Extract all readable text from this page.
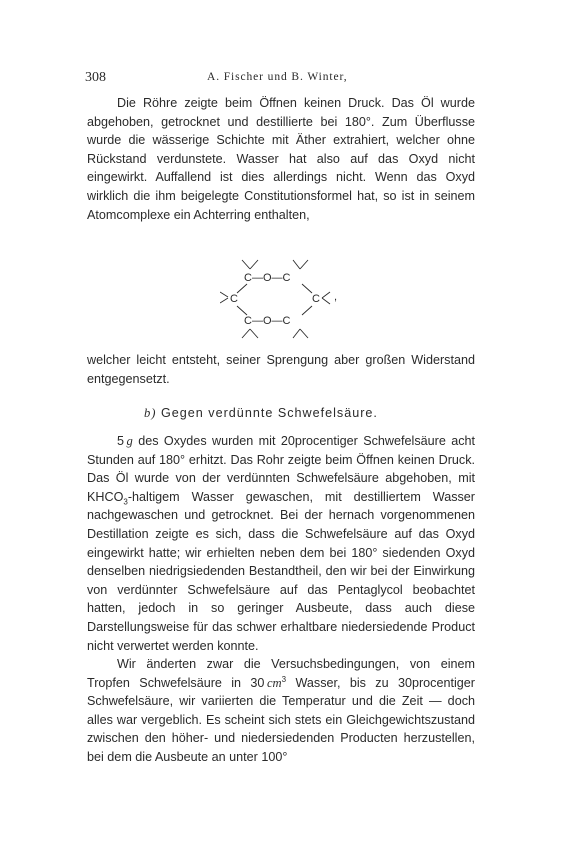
308	A. Fischer und B. Winter,

Die Röhre zeigte beim Öffnen keinen Druck. Das Öl wurde abgehoben, getrocknet und destillierte bei 180°. Zum Überflusse wurde die wässerige Schichte mit Äther extrahiert, welcher ohne Rückstand verdunstete. Wasser hat also auf das Oxyd nicht eingewirkt. Auffallend ist dies allerdings nicht. Wenn das Oxyd wirklich die ihm beigelegte Constitutionsformel hat, so ist in seinem Atomcomplexe ein Achterring enthalten,

C—O—C
C	C ,
C—O—C

welcher leicht entsteht, seiner Sprengung aber großen Widerstand entgegensetzt.

b) Gegen verdünnte Schwefelsäure.

5  g des Oxydes wurden mit 20procentiger Schwefelsäure acht Stunden auf 180° erhitzt. Das Rohr zeigte beim Öffnen keinen Druck. Das Öl wurde von der verdünnten Schwefelsäure abgehoben, mit $KHCO_3$-haltigem Wasser gewaschen, mit destilliertem Wasser nachgewaschen und getrocknet. Bei der hernach vorgenommenen Destillation zeigte es sich, dass die Schwefelsäure auf das Oxyd eingewirkt hatte; wir erhielten neben dem bei 180° siedenden Oxyd denselben niedrigsiedenden Bestandtheil, den wir bei der Einwirkung von verdünnter Schwefelsäure auf das Pentaglycol beobachtet hatten, jedoch in so geringer Ausbeute, dass auch diese Darstellungsweise für das schwer erhaltbare niedersiedende Product nicht verwertet werden konnte.

Wir änderten zwar die Versuchsbedingungen, von einem Tropfen Schwefelsäure in 30  $cm^3$ Wasser, bis zu 30procentiger Schwefelsäure, wir variierten die Temperatur und die Zeit — doch alles war vergeblich. Es scheint sich stets ein Gleichgewichtszustand zwischen den höher- und niedersiedenden Producten herzustellen, bei dem die Ausbeute an unter 100°
